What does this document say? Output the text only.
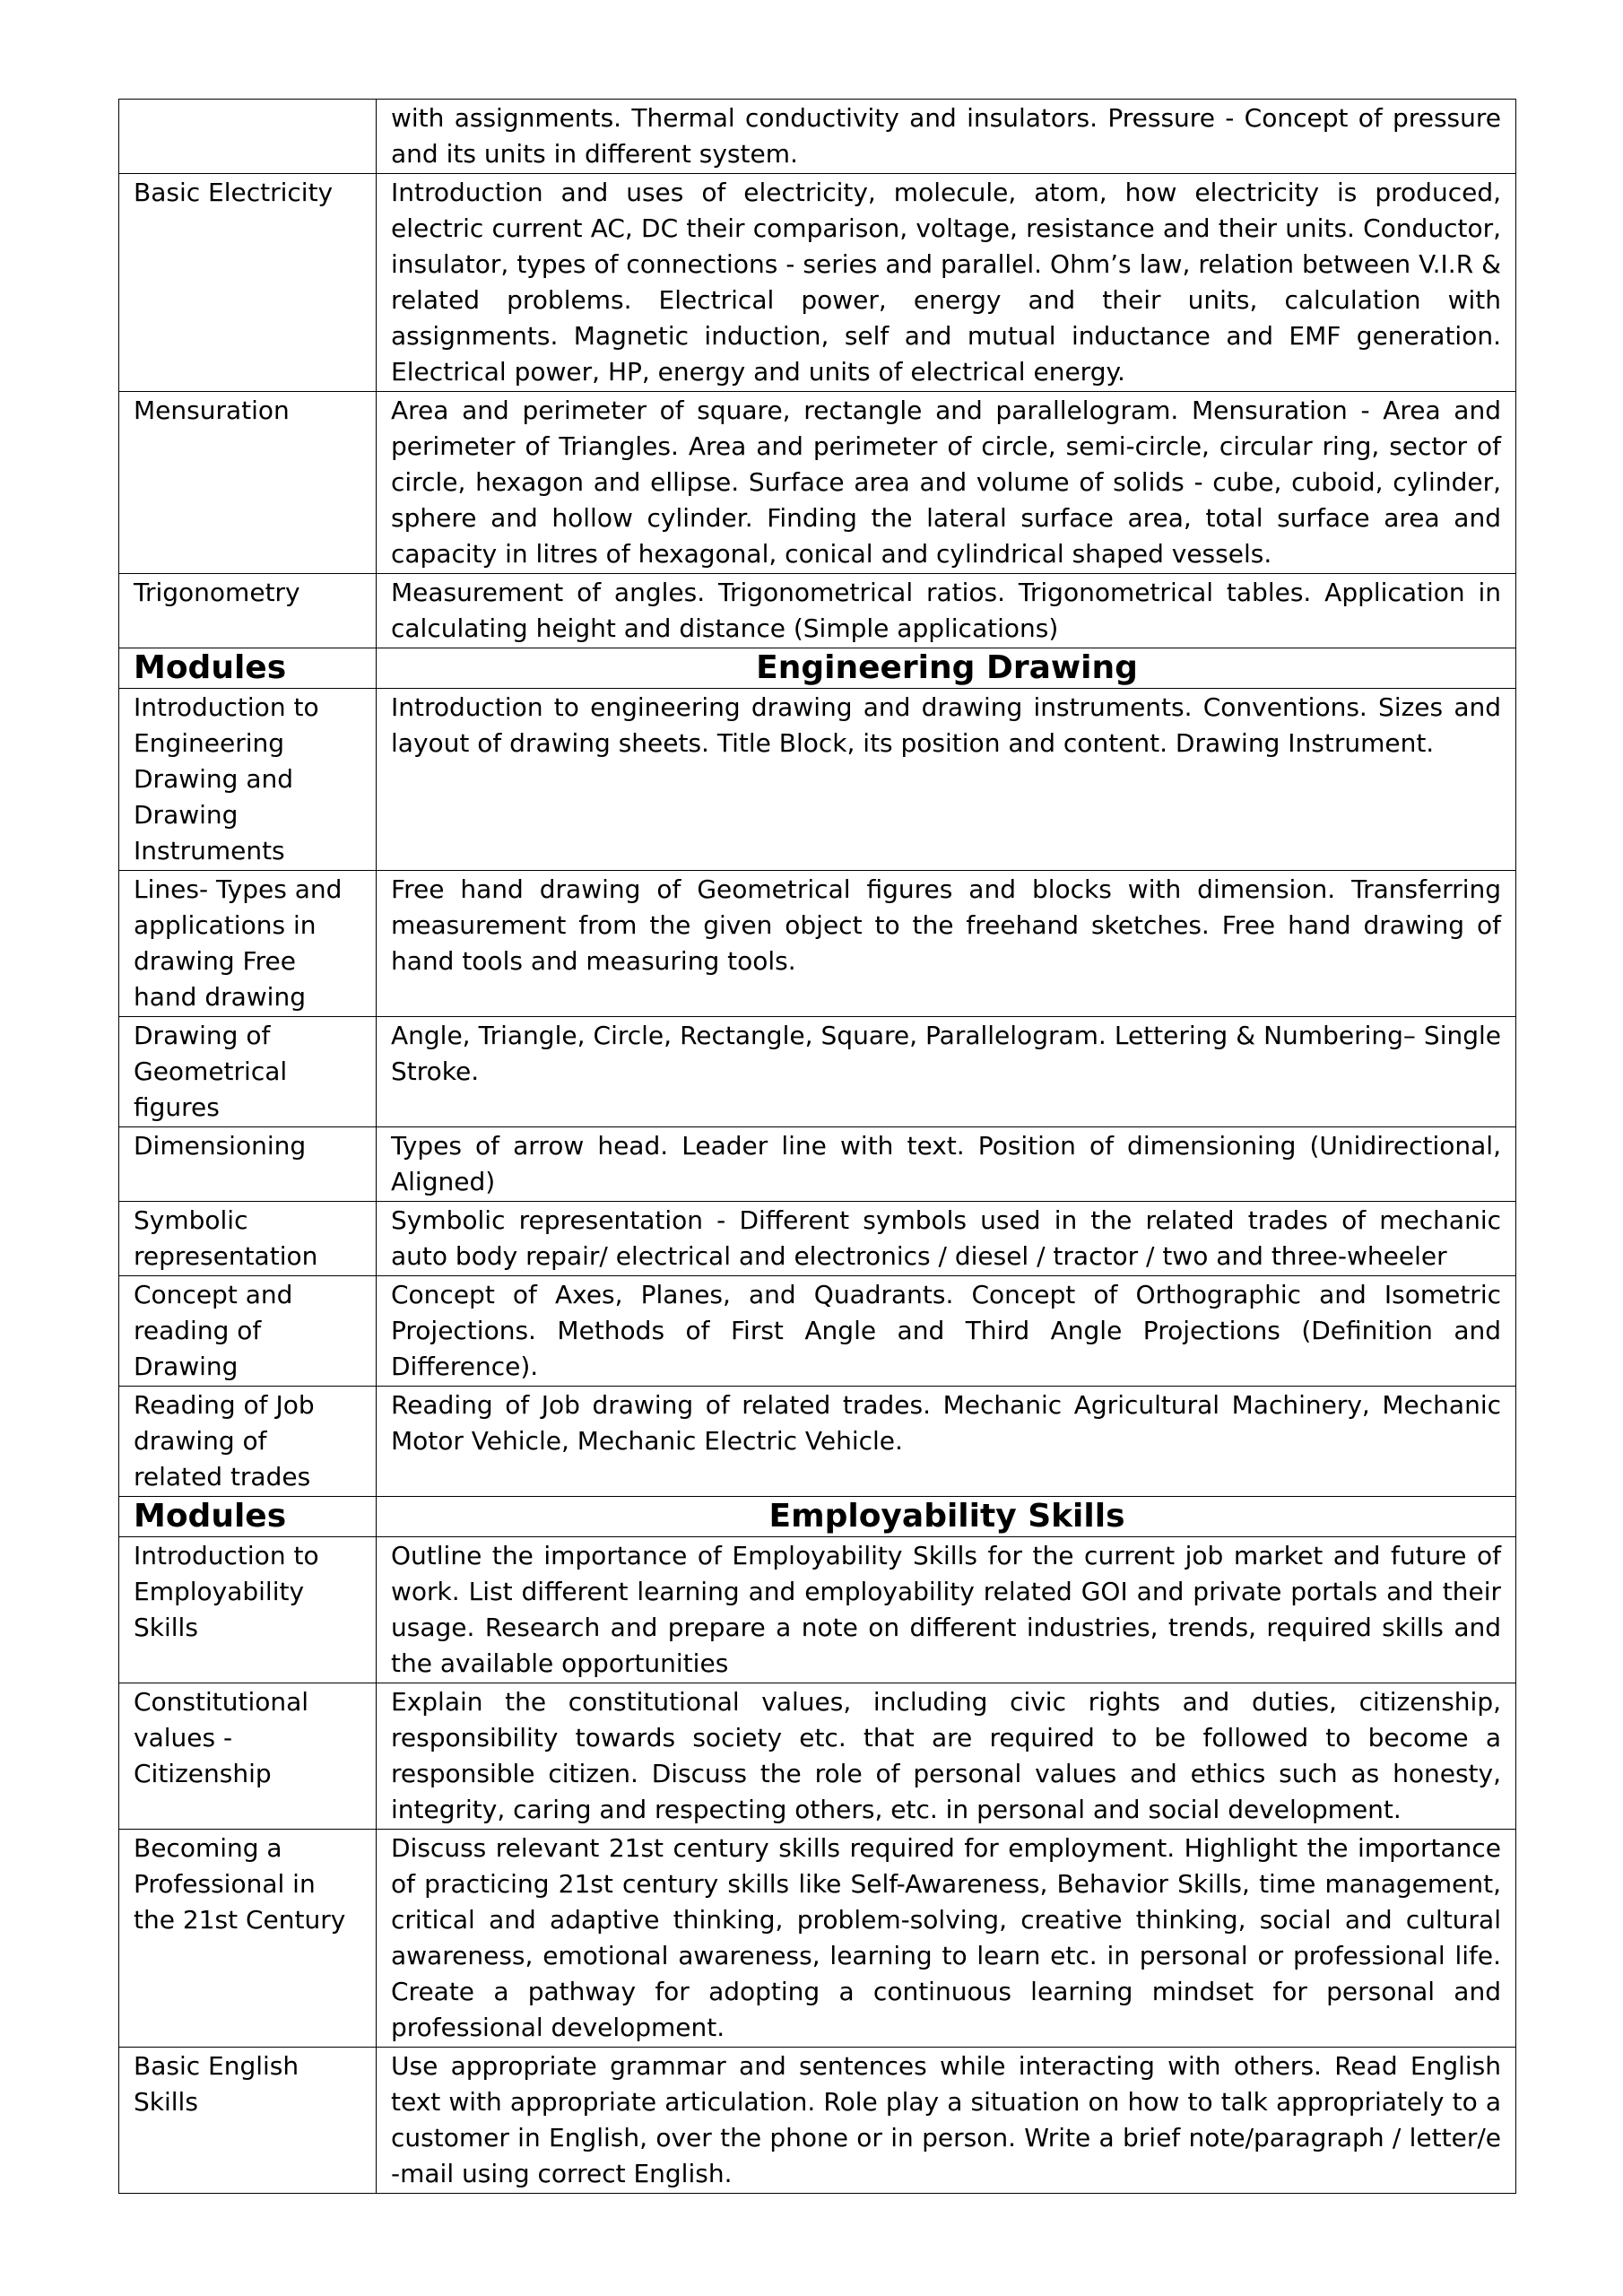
	with assignments. Thermal conductivity and insulators. Pressure - Concept of pressure and its units in different system.
Basic Electricity	Introduction and uses of electricity, molecule, atom, how electricity is produced, electric current AC, DC their comparison, voltage, resistance and their units. Conductor, insulator, types of connections - series and parallel. Ohm’s law, relation between V.I.R & related problems. Electrical power, energy and their units, calculation with assignments. Magnetic induction, self and mutual inductance and EMF generation. Electrical power, HP, energy and units of electrical energy.
Mensuration	Area and perimeter of square, rectangle and parallelogram. Mensuration - Area and perimeter of Triangles. Area and perimeter of circle, semi-circle, circular ring, sector of circle, hexagon and ellipse. Surface area and volume of solids - cube, cuboid, cylinder, sphere and hollow cylinder. Finding the lateral surface area, total surface area and capacity in litres of hexagonal, conical and cylindrical shaped vessels.
Trigonometry	Measurement of angles. Trigonometrical ratios. Trigonometrical tables. Application in calculating height and distance (Simple applications)
Modules	Engineering Drawing
Introduction to Engineering Drawing and Drawing Instruments	Introduction to engineering drawing and drawing instruments. Conventions. Sizes and layout of drawing sheets. Title Block, its position and content. Drawing Instrument.
Lines- Types and applications in drawing Free hand drawing	Free hand drawing of Geometrical figures and blocks with dimension. Transferring measurement from the given object to the freehand sketches. Free hand drawing of hand tools and measuring tools.
Drawing of Geometrical figures	Angle, Triangle, Circle, Rectangle, Square, Parallelogram. Lettering & Numbering– Single Stroke.
Dimensioning	Types of arrow head. Leader line with text. Position of dimensioning (Unidirectional, Aligned)
Symbolic representation	Symbolic representation - Different symbols used in the related trades of mechanic auto body repair/ electrical and electronics / diesel / tractor / two and three-wheeler
Concept and reading of Drawing	Concept of Axes, Planes, and Quadrants. Concept of Orthographic and Isometric Projections. Methods of First Angle and Third Angle Projections (Definition and Difference).
Reading of Job drawing of related trades	Reading of Job drawing of related trades. Mechanic Agricultural Machinery, Mechanic Motor Vehicle, Mechanic Electric Vehicle.
Modules	Employability Skills
Introduction to Employability Skills	Outline the importance of Employability Skills for the current job market and future of work. List different learning and employability related GOI and private portals and their usage. Research and prepare a note on different industries, trends, required skills and the available opportunities
Constitutional values - Citizenship	Explain the constitutional values, including civic rights and duties, citizenship, responsibility towards society etc. that are required to be followed to become a responsible citizen. Discuss the role of personal values and ethics such as honesty, integrity, caring and respecting others, etc. in personal and social development.
Becoming a Professional in the 21st Century	Discuss relevant 21st century skills required for employment. Highlight the importance of practicing 21st century skills like Self-Awareness, Behavior Skills, time management, critical and adaptive thinking, problem-solving, creative thinking, social and cultural awareness, emotional awareness, learning to learn etc. in personal or professional life. Create a pathway for adopting a continuous learning mindset for personal and professional development.
Basic English Skills	Use appropriate grammar and sentences while interacting with others. Read English text with appropriate articulation. Role play a situation on how to talk appropriately to a customer in English, over the phone or in person. Write a brief note/paragraph / letter/e -mail using correct English.
